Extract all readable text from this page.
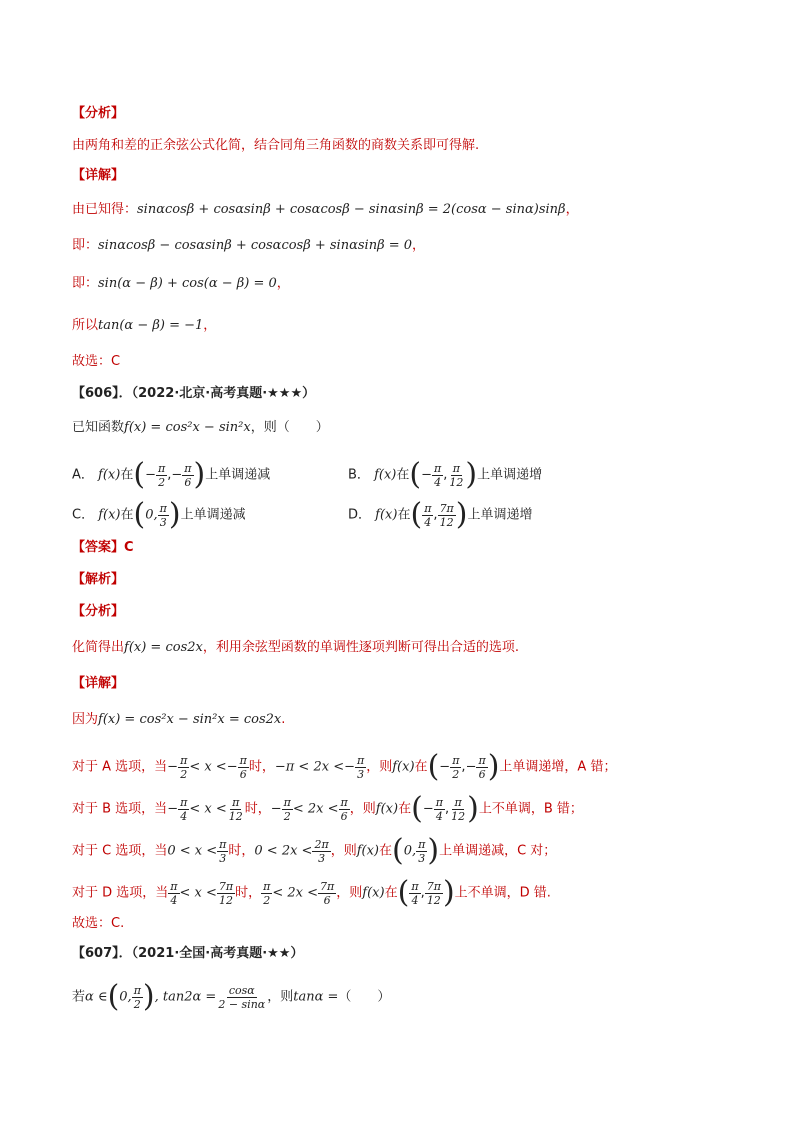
【分析】
由两角和差的正余弦公式化简，结合同角三角函数的商数关系即可得解.
【详解】
由已知得：sinαcosβ + cosαsinβ + cosαcosβ − sinαsinβ = 2(cosα − sinα)sinβ，
即：sinαcosβ − cosαsinβ + cosαcosβ + sinαsinβ = 0，
即：sin(α − β) + cos(α − β) = 0，
所以tan(α − β) = −1，
故选：C
【606】．（2022·北京·高考真题·★★★）
已知函数f(x) = cos²x − sin²x，则（　　）
A． f(x)在(− $\frac{\pi}{2}$ ,− $\frac{\pi}{6}$ )上单调递减	B． f(x)在(− $\frac{\pi}{4}$ , $\frac{\pi}{12}$ )上单调递增
C． f(x)在(0, $\frac{\pi}{3}$ )上单调递减	D． f(x)在( $\frac{\pi}{4}$ , $\frac{7\pi}{12}$ )上单调递增
【答案】C
【解析】
【分析】
化简得出f(x) = cos2x，利用余弦型函数的单调性逐项判断可得出合适的选项.
【详解】
因为f(x) = cos²x − sin²x = cos2x.
对于 A 选项，当− $\frac{\pi}{2} < x <- \frac{\pi}{6}$ 时，$-\pi < 2x <- \frac{\pi}{3}$ ，则f(x)在(− $\frac{\pi}{2}$ ,− $\frac{\pi}{6}$ )上单调递增，A 错；
对于 B 选项，当− $\frac{\pi}{4} < x < \frac{\pi}{12}$ 时，− $\frac{\pi}{2} < 2x < \frac{\pi}{6}$ ，则f(x)在(− $\frac{\pi}{4}$ , $\frac{\pi}{12}$ )上不单调，B 错；
对于 C 选项，当$0 < x < \frac{\pi}{3}$ 时，$0 < 2x < \frac{2\pi}{3}$ ，则f(x)在(0, $\frac{\pi}{3}$ )上单调递减，C 对；
对于 D 选项，当 $\frac{\pi}{4} < x < \frac{7\pi}{12}$ 时， $\frac{\pi}{2} < 2x < \frac{7\pi}{6}$ ，则f(x)在( $\frac{\pi}{4}$ , $\frac{7\pi}{12}$ )上不单调，D 错.
故选：C.
【607】．（2021·全国·高考真题·★★）
若α ∈(0, $\frac{\pi}{2}$ ), $\tan 2\alpha = \frac{\cos\alpha}{2 - \sin\alpha}$ ，则tanα =（　　）
